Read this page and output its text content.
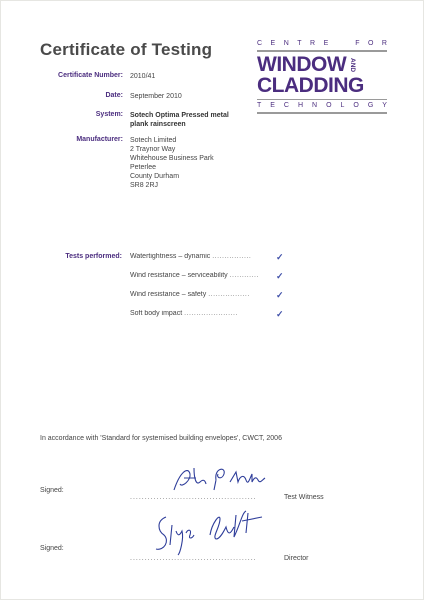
Certificate of Testing	C E N T R E	F O R
WINDOW AND
CLADDING
T E C H N O L O G Y
Certificate Number: 2010/41
Date: September 2010
System: Sotech Optima Pressed metal plank rainscreen
Manufacturer: Sotech Limited
2 Traynor Way
Whitehouse Business Park
Peterlee
County Durham
SR8 2RJ
Tests performed: Watertightness – dynamic ................	✓
Wind resistance – serviceability ............	✓
Wind resistance – safety .................	✓
Soft body impact ......................	✓
In accordance with 'Standard for systemised building envelopes', CWCT, 2006
Signed:
...........................................	Test Witness
Signed:
...........................................	Director
